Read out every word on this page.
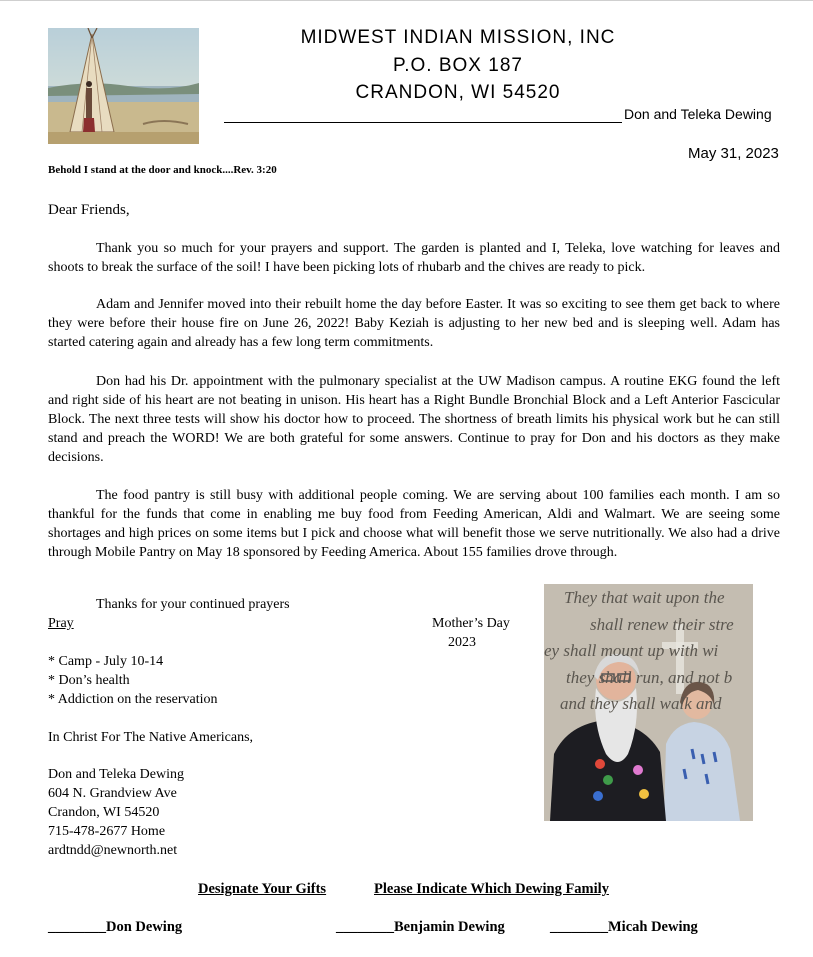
MIDWEST INDIAN MISSION, INC
P.O. BOX 187
CRANDON, WI 54520
Don and Teleka Dewing
May 31, 2023
Behold I stand at the door and knock....Rev. 3:20
Dear Friends,
Thank you so much for your prayers and support. The garden is planted and I, Teleka, love watching for leaves and shoots to break the surface of the soil! I have been picking lots of rhubarb and the chives are ready to pick.
Adam and Jennifer moved into their rebuilt home the day before Easter. It was so exciting to see them get back to where they were before their house fire on June 26, 2022! Baby Keziah is adjusting to her new bed and is sleeping well. Adam has started catering again and already has a few long term commitments.
Don had his Dr. appointment with the pulmonary specialist at the UW Madison campus. A routine EKG found the left and right side of his heart are not beating in unison. His heart has a Right Bundle Bronchial Block and a Left Anterior Fascicular Block. The next three tests will show his doctor how to proceed. The shortness of breath limits his physical work but he can still stand and preach the WORD! We are both grateful for some answers. Continue to pray for Don and his doctors as they make decisions.
The food pantry is still busy with additional people coming. We are serving about 100 families each month. I am so thankful for the funds that come in enabling me buy food from Feeding American, Aldi and Walmart. We are seeing some shortages and high prices on some items but I pick and choose what will benefit those we serve nutritionally. We also had a drive through Mobile Pantry on May 18 sponsored by Feeding America. About 155 families drove through.
Thanks for your continued prayers
Pray
* Camp - July 10-14
* Don’s health
* Addiction on the reservation
In Christ For The Native Americans,
Don and Teleka Dewing
604 N. Grandview Ave
Crandon, WI 54520
715-478-2677 Home
ardtndd@newnorth.net
Mother’s Day
2023
They that wait upon the
shall renew their stre
ey shall mount up with wi
they shall run, and not b
and they shall walk and
Designate Your Gifts	Please Indicate Which Dewing Family
________Don Dewing	________Benjamin Dewing	________Micah Dewing
